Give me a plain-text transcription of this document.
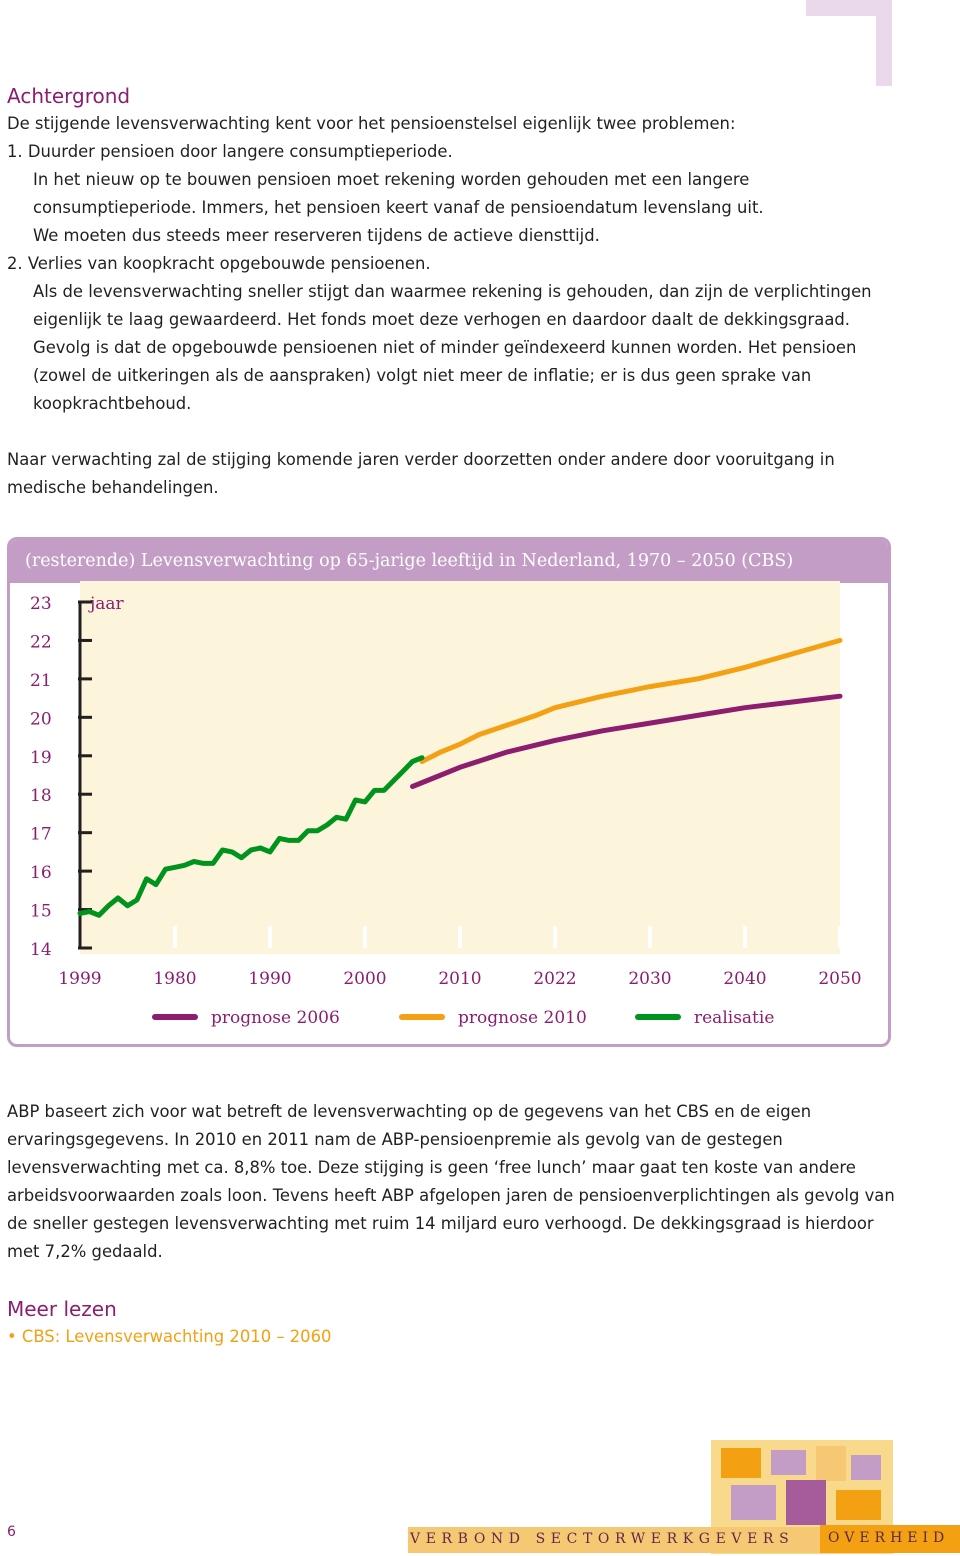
Achtergrond

De stijgende levensverwachting kent voor het pensioenstelsel eigenlijk twee problemen:

1. Duurder pensioen door langere consumptieperiode.

In het nieuw op te bouwen pensioen moet rekening worden gehouden met een langere

consumptieperiode. Immers, het pensioen keert vanaf de pensioendatum levenslang uit.

We moeten dus steeds meer reserveren tijdens de actieve diensttijd.

2. Verlies van koopkracht opgebouwde pensioenen.

Als de levensverwachting sneller stijgt dan waarmee rekening is gehouden, dan zijn de verplichtingen

eigenlijk te laag gewaardeerd. Het fonds moet deze verhogen en daardoor daalt de dekkingsgraad.

Gevolg is dat de opgebouwde pensioenen niet of minder geïndexeerd kunnen worden. Het pensioen

(zowel de uitkeringen als de aanspraken) volgt niet meer de inflatie; er is dus geen sprake van

koopkrachtbehoud.

Naar verwachting zal de stijging komende jaren verder doorzetten onder andere door vooruitgang in

medische behandelingen.

(resterende) Levensverwachting op 65-jarige leeftijd in Nederland, 1970 – 2050 (CBS)
14
15
16
17
18
19
20
21
22
23 jaar
1999	1980	1990	2000	2010	2022	2030	2040	2050
prognose 2006	prognose 2010	realisatie

ABP baseert zich voor wat betreft de levensverwachting op de gegevens van het CBS en de eigen

ervaringsgegevens. In 2010 en 2011 nam de ABP-pensioenpremie als gevolg van de gestegen

levensverwachting met ca. 8,8% toe. Deze stijging is geen ‘free lunch’ maar gaat ten koste van andere

arbeidsvoorwaarden zoals loon. Tevens heeft ABP afgelopen jaren de pensioenverplichtingen als gevolg van

de sneller gestegen levensverwachting met ruim 14 miljard euro verhoogd. De dekkingsgraad is hierdoor

met 7,2% gedaald.

Meer lezen
• CBS: Levensverwachting 2010 – 2060
6	VERBOND SECTORWERKGEVERS OVERHEID
